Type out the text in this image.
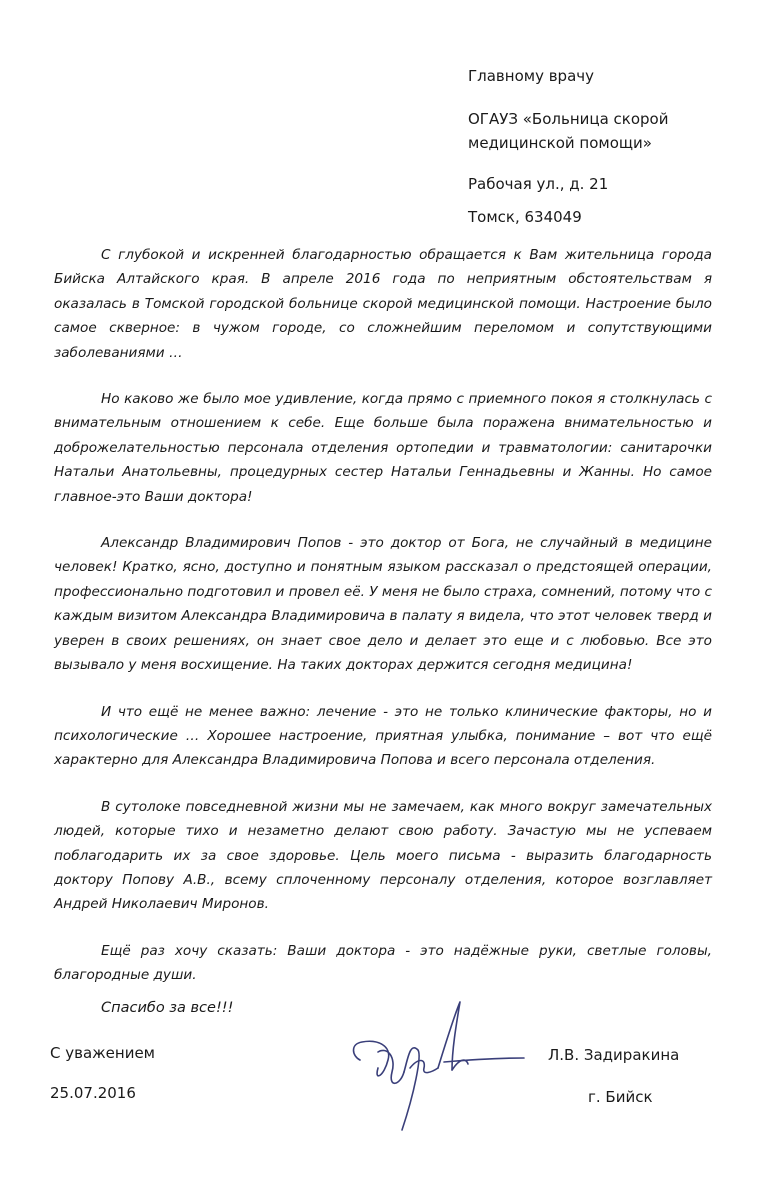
Главному врачу
ОГАУЗ «Больница скорой
медицинской помощи»
Рабочая ул., д. 21
Томск, 634049

С глубокой и искренней благодарностью обращается к Вам жительница города Бийска Алтайского края. В апреле 2016 года по неприятным обстоятельствам я оказалась в Томской городской больнице скорой медицинской помощи. Настроение было самое скверное: в чужом городе, со сложнейшим переломом и сопутствующими заболеваниями …

Но каково же было мое удивление, когда прямо с приемного покоя я столкнулась с внимательным отношением к себе. Еще больше была поражена внимательностью и доброжелательностью персонала отделения ортопедии и травматологии: санитарочки Натальи Анатольевны, процедурных сестер Натальи Геннадьевны и Жанны. Но самое главное-это Ваши доктора!

Александр Владимирович Попов - это доктор от Бога, не случайный в медицине человек! Кратко, ясно, доступно и понятным языком рассказал о предстоящей операции, профессионально подготовил и провел её. У меня не было страха, сомнений, потому что с каждым визитом Александра Владимировича в палату я видела, что этот человек тверд и уверен в своих решениях, он знает свое дело и делает это еще и с любовью. Все это вызывало у меня восхищение. На таких докторах держится сегодня медицина!

И что ещё не менее важно: лечение - это не только клинические факторы, но и психологические … Хорошее настроение, приятная улыбка, понимание – вот что ещё характерно для Александра Владимировича Попова и всего персонала отделения.

В сутолоке повседневной жизни мы не замечаем, как много вокруг замечательных людей, которые тихо и незаметно делают свою работу. Зачастую мы не успеваем поблагодарить их за свое здоровье. Цель моего письма - выразить благодарность доктору Попову А.В., всему сплоченному персоналу отделения, которое возглавляет Андрей Николаевич Миронов.

Ещё раз хочу сказать: Ваши доктора - это надёжные руки, светлые головы, благородные души.

Спасибо за все!!!
С уважением
25.07.2016
Л.В. Задиракина
г. Бийск
